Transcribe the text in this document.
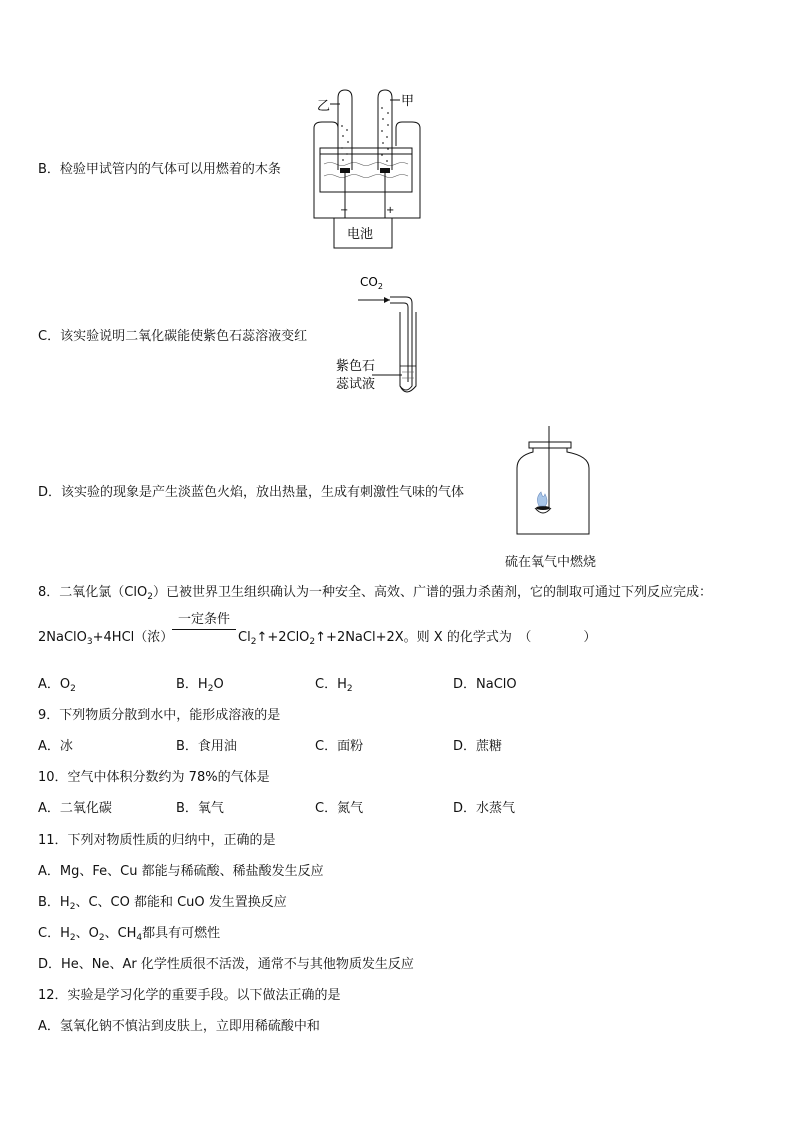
B．检验甲试管内的气体可以用燃着的木条
−	+
电池
乙	甲
C．该实验说明二氧化碳能使紫色石蕊溶液变红
$CO_2$
紫色石
蕊试液
D．该实验的现象是产生淡蓝色火焰，放出热量，生成有刺激性气味的气体
硫在氧气中燃烧
8．二氧化氯（ClO$_2$）已被世界卫生组织确认为一种安全、高效、广谱的强力杀菌剂，它的制取可通过下列反应完成：
2NaClO$_3$+4HCl（浓）
一定条件
$Cl_2↑+2ClO_2↑+2NaCl+2X$。则 X 的化学式为　（　　　　）
A．$O_2$	B．$H_2O$	C．$H_2$	D．NaClO
9．下列物质分散到水中，能形成溶液的是
A．冰	B．食用油	C．面粉	D．蔗糖
10．空气中体积分数约为 78%的气体是
A．二氧化碳	B．氧气	C．氮气	D．水蒸气
11．下列对物质性质的归纳中，正确的是
A．Mg、Fe、Cu 都能与稀硫酸、稀盐酸发生反应
B．$H_2$、C、CO 都能和 CuO 发生置换反应
C．$H_2$、$O_2$、$CH_4$都具有可燃性
D．He、Ne、Ar 化学性质很不活泼，通常不与其他物质发生反应
12．实验是学习化学的重要手段。以下做法正确的是
A．氢氧化钠不慎沾到皮肤上，立即用稀硫酸中和
